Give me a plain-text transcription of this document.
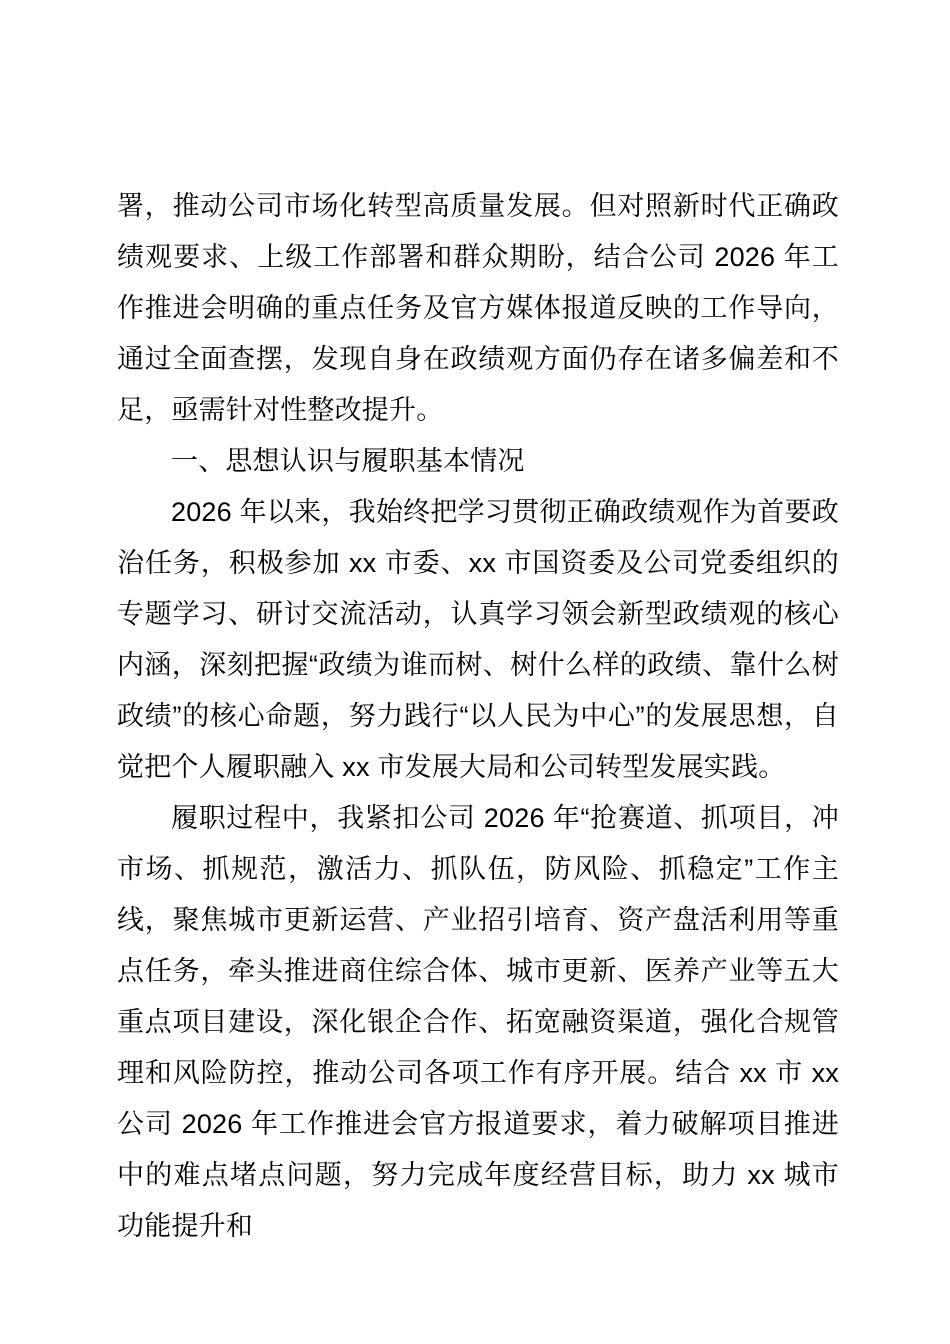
署，推动公司市场化转型高质量发展。但对照新时代正确政绩观要求、上级工作部署和群众期盼，结合公司 2026 年工作推进会明确的重点任务及官方媒体报道反映的工作导向，通过全面查摆，发现自身在政绩观方面仍存在诸多偏差和不足，亟需针对性整改提升。

一、思想认识与履职基本情况

2026 年以来，我始终把学习贯彻正确政绩观作为首要政治任务，积极参加 xx 市委、xx 市国资委及公司党委组织的专题学习、研讨交流活动，认真学习领会新型政绩观的核心内涵，深刻把握“政绩为谁而树、树什么样的政绩、靠什么树政绩”的核心命题，努力践行“以人民为中心”的发展思想，自觉把个人履职融入 xx 市发展大局和公司转型发展实践。

履职过程中，我紧扣公司 2026 年“抢赛道、抓项目，冲市场、抓规范，激活力、抓队伍，防风险、抓稳定”工作主线，聚焦城市更新运营、产业招引培育、资产盘活利用等重点任务，牵头推进商住综合体、城市更新、医养产业等五大重点项目建设，深化银企合作、拓宽融资渠道，强化合规管理和风险防控，推动公司各项工作有序开展。结合 xx 市 xx 公司 2026 年工作推进会官方报道要求，着力破解项目推进中的难点堵点问题，努力完成年度经营目标，助力 xx 城市功能提升和
